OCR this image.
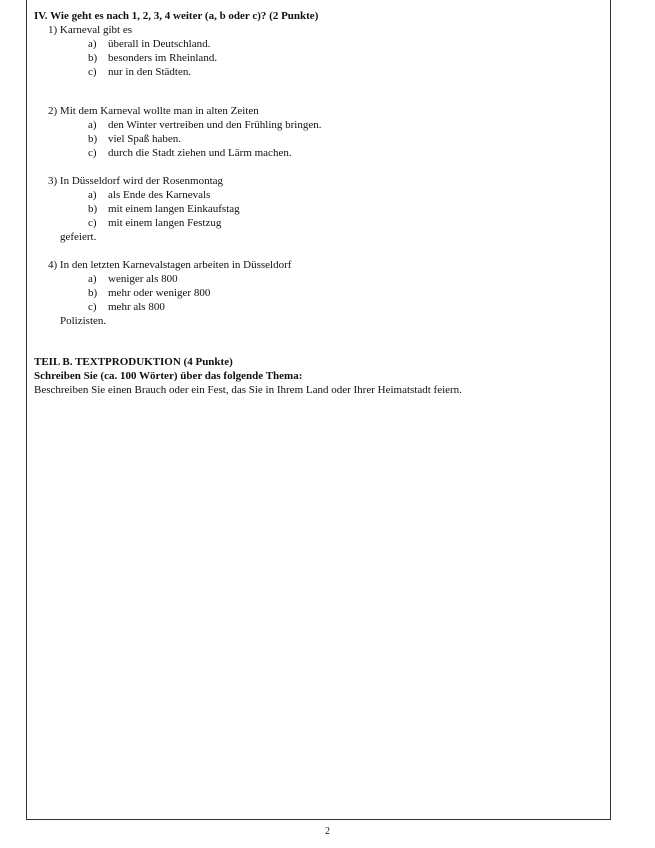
IV. Wie geht es nach 1, 2, 3, 4 weiter (a, b oder c)? (2 Punkte)
1) Karneval gibt es
a) überall in Deutschland.
b) besonders im Rheinland.
c) nur in den Städten.
2) Mit dem Karneval wollte man in alten Zeiten
a) den Winter vertreiben und den Frühling bringen.
b) viel Spaß haben.
c) durch die Stadt ziehen und Lärm machen.
3) In Düsseldorf wird der Rosenmontag
a) als Ende des Karnevals
b) mit einem langen Einkaufstag
c) mit einem langen Festzug
gefeiert.
4) In den letzten Karnevalstagen arbeiten in Düsseldorf
a) weniger als 800
b) mehr oder weniger 800
c) mehr als 800
Polizisten.
TEIL B. TEXTPRODUKTION (4 Punkte)
Schreiben Sie (ca. 100 Wörter) über das folgende Thema:
Beschreiben Sie einen Brauch oder ein Fest, das Sie in Ihrem Land oder Ihrer Heimatstadt feiern.
2
